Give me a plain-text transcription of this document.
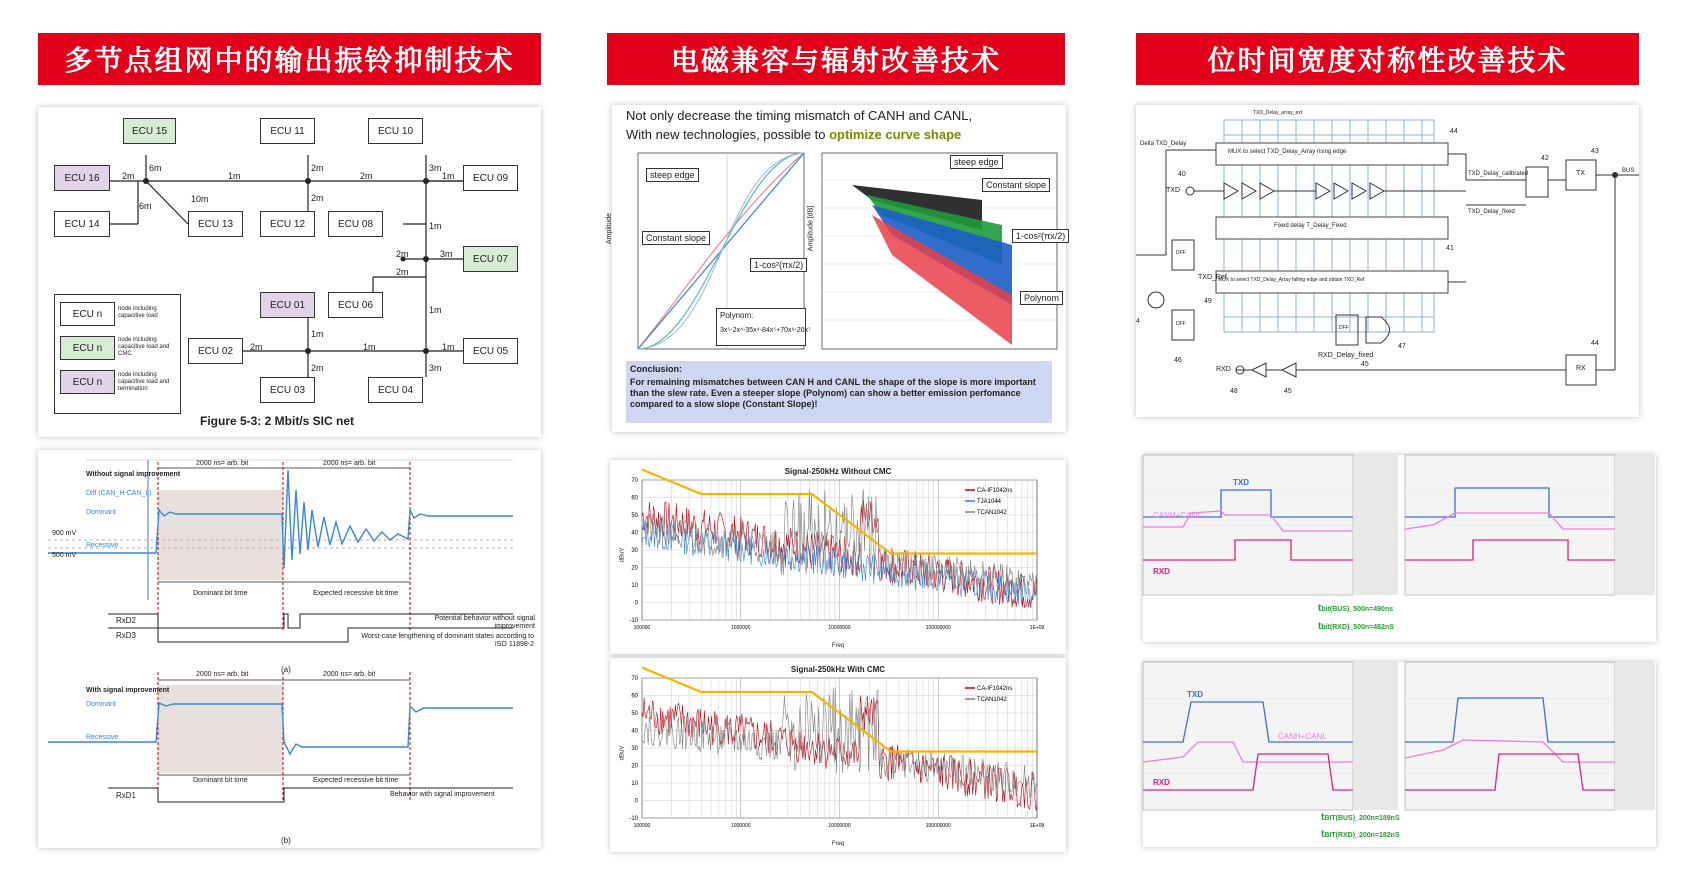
多节点组网中的输出振铃抑制技术	电磁兼容与辐射改善技术	位时间宽度对称性改善技术
ECU 15	ECU 11	ECU 10
ECU 16	ECU 09
ECU 14	ECU 13	ECU 12	ECU 08
ECU 07
ECU 06
ECU 01
ECU 02	ECU 05
ECU 03	ECU 04
2m
6m
1m
2m
2m
3m
1m
6m
10m	2m
1m
2m	3m
2m
1m
1m
2m	1m	1m
2m	3m
ECU n
ECU n
ECU n
node including capacitive load
node including capacitive load and CMC
node including capacitive load and termination
Figure 5-3: 2 Mbit/s SIC net
Without signal improvement
Diff (CAN_H-CAN_L)
Dominant
Recessive
900 mV
500 mV
2000 ns= arb. bit	2000 ns= arb. bit
Dominant bit time	Expected recessive bit time
RxD2
RxD3
Potential behavior without signal improvement
Worst-case lengthening of dominant states according to ISO 11898-2
(a)
With signal improvement
Dominant
Recessive
2000 ns= arb. bit	2000 ns= arb. bit
Dominant bit time	Expected recessive bit time
RxD1	Behavior with signal improvement
(b)
Not only decrease the timing mismatch of CANH and CANL,
With new technologies, possible to optimize curve shape
Amplitude	Amplitude [dB]
steep edge
Constant slope
1-cos²(πx/2)
Polynom:
3x⁵-2x⁴-35x⁴-84x⁵+70x⁶-20x⁷
steep edge
Constant slope
1-cos²(πx/2)
Polynom
Conclusion:
For remaining mismatches between CAN H and CANL the shape of the slope is more important than the slew rate. Even a steeper slope (Polynom) can show a better emission perfomance compared to a slow slope (Constant Slope)!
70
60
50
40
30
20
10
0
-10
100000	1000000	10000000	100000000	1E+09
CA-IF1042ns
TJA1044
TCAN1042
Signal-250kHz Without CMC
dBuV
Freq
70
60
50
40
30
20
10
0
-10
100000	1000000	10000000	100000000	1E+09
CA-IF1042ns
TCAN1042
Signal-250kHz With CMC
dBuV
Freq
TXD_Delay_array_ext
Delta TXD_Delay
MUX to select TXD_Delay_Array rising edge
Fixed delay T_Delay_Fixed
MUX to select TXD_Delay_Array falling edge and obtain TXD_Ref
TXD
RXD
TXD_Ref
TXD_Delay_calibrated
TXD_Delay_fixed
RXD_Delay_fixed
BUS
TX
RX
DFF
DFF
DFF
44
40
42
43
41
49
4
46
47
45
45
48
44
TXD
CANH+CANL
RXD
tbit(BUS)_500n=490ns
tbit(RXD)_500n=482nS
TXD
CANH+CANL
RXD
tBIT(BUS)_200n=189nS
tBIT(RXD)_200n=182nS
